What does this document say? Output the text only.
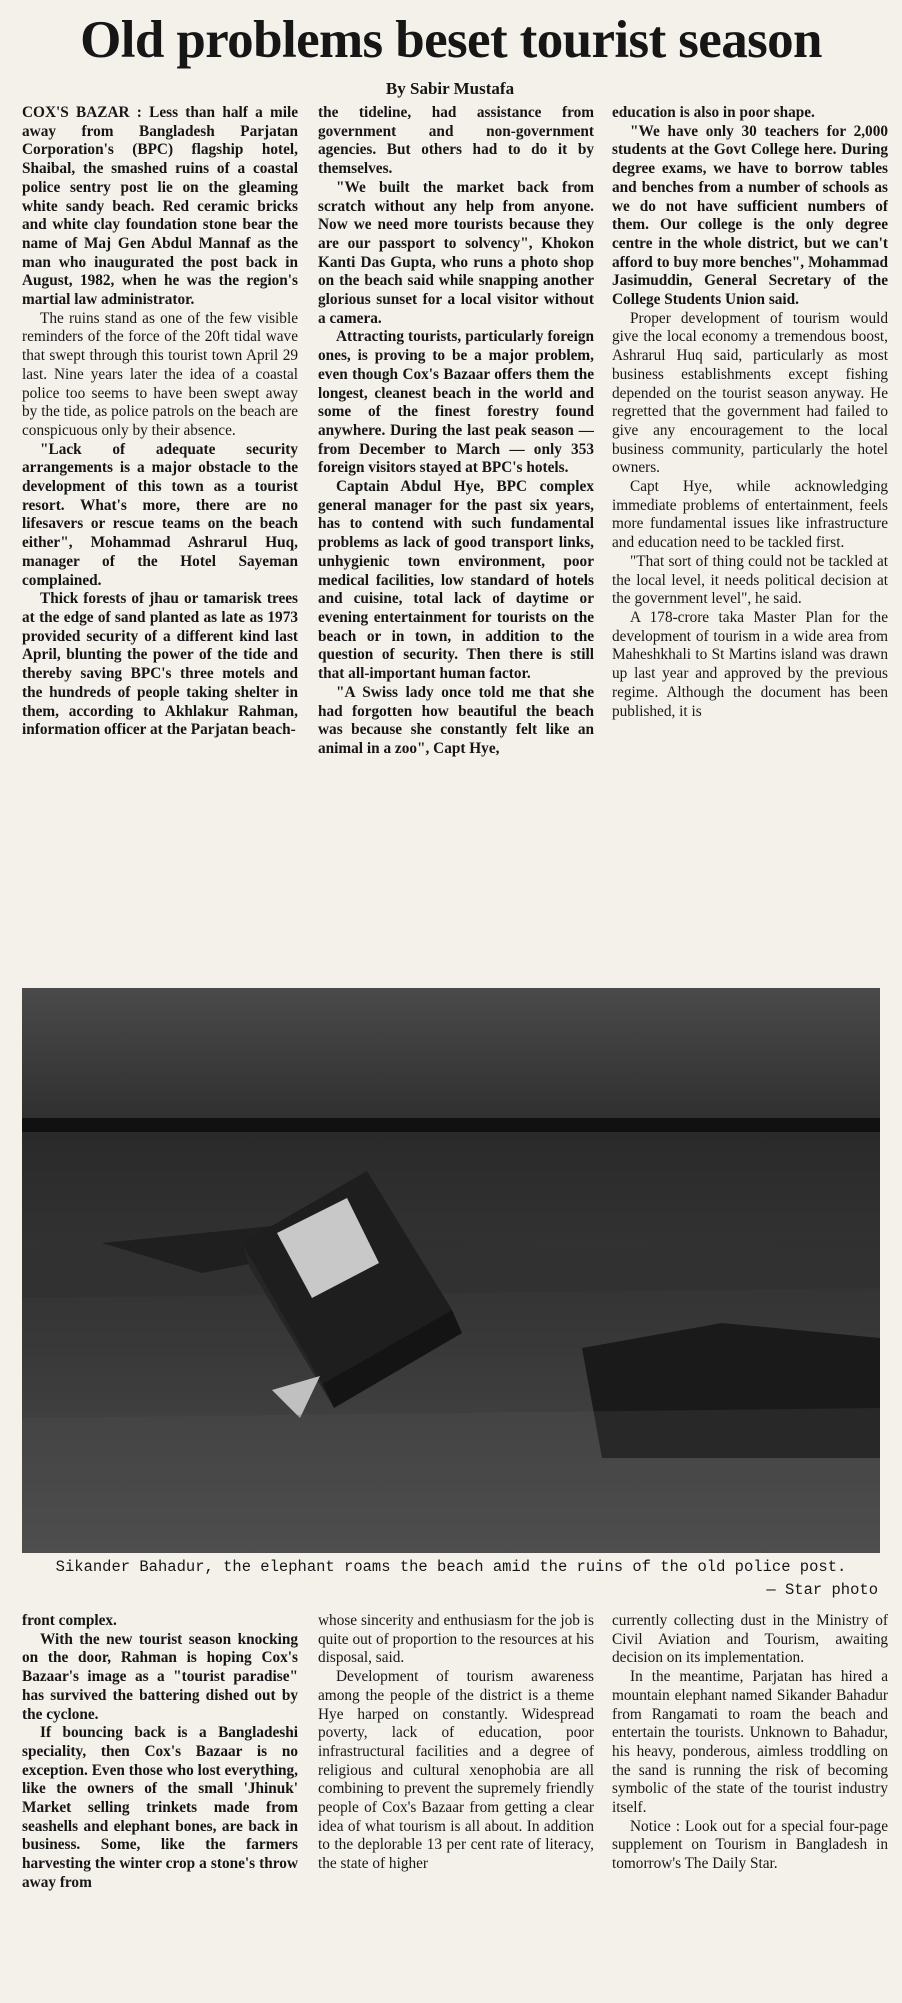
Old problems beset tourist season

By Sabir Mustafa

COX'S BAZAR : Less than half a mile away from Bangladesh Parjatan Corporation's (BPC) flagship hotel, Shaibal, the smashed ruins of a coastal police sentry post lie on the gleaming white sandy beach. Red ceramic bricks and white clay foundation stone bear the name of Maj Gen Abdul Mannaf as the man who inaugurated the post back in August, 1982, when he was the region's martial law administrator.

The ruins stand as one of the few visible reminders of the force of the 20ft tidal wave that swept through this tourist town April 29 last. Nine years later the idea of a coastal police too seems to have been swept away by the tide, as police patrols on the beach are conspicuous only by their absence.

"Lack of adequate security arrangements is a major obstacle to the development of this town as a tourist resort. What's more, there are no lifesavers or rescue teams on the beach either", Mohammad Ashrarul Huq, manager of the Hotel Sayeman complained.

Thick forests of jhau or tamarisk trees at the edge of sand planted as late as 1973 provided security of a different kind last April, blunting the power of the tide and thereby saving BPC's three motels and the hundreds of people taking shelter in them, according to Akhlakur Rahman, information officer at the Parjatan beach-

the tideline, had assistance from government and non-government agencies. But others had to do it by themselves.

"We built the market back from scratch without any help from anyone. Now we need more tourists because they are our passport to solvency", Khokon Kanti Das Gupta, who runs a photo shop on the beach said while snapping another glorious sunset for a local visitor without a camera.

Attracting tourists, particularly foreign ones, is proving to be a major problem, even though Cox's Bazaar offers them the longest, cleanest beach in the world and some of the finest forestry found anywhere. During the last peak season — from December to March — only 353 foreign visitors stayed at BPC's hotels.

Captain Abdul Hye, BPC complex general manager for the past six years, has to contend with such fundamental problems as lack of good transport links, unhygienic town environment, poor medical facilities, low standard of hotels and cuisine, total lack of daytime or evening entertainment for tourists on the beach or in town, in addition to the question of security. Then there is still that all-important human factor.

"A Swiss lady once told me that she had forgotten how beautiful the beach was because she constantly felt like an animal in a zoo", Capt Hye,

education is also in poor shape.

"We have only 30 teachers for 2,000 students at the Govt College here. During degree exams, we have to borrow tables and benches from a number of schools as we do not have sufficient numbers of them. Our college is the only degree centre in the whole district, but we can't afford to buy more benches", Mohammad Jasimuddin, General Secretary of the College Students Union said.

Proper development of tourism would give the local economy a tremendous boost, Ashrarul Huq said, particularly as most business establishments except fishing depended on the tourist season anyway. He regretted that the government had failed to give any encouragement to the local business community, particularly the hotel owners.

Capt Hye, while acknowledging immediate problems of entertainment, feels more fundamental issues like infrastructure and education need to be tackled first.

"That sort of thing could not be tackled at the local level, it needs political decision at the government level", he said.

A 178-crore taka Master Plan for the development of tourism in a wide area from Maheshkhali to St Martins island was drawn up last year and approved by the previous regime. Although the document has been published, it is

Sikander Bahadur, the elephant roams the beach amid the ruins of the old police post.

— Star photo

front complex.

With the new tourist season knocking on the door, Rahman is hoping Cox's Bazaar's image as a "tourist paradise" has survived the battering dished out by the cyclone.

If bouncing back is a Bangladeshi speciality, then Cox's Bazaar is no exception. Even those who lost everything, like the owners of the small 'Jhinuk' Market selling trinkets made from seashells and elephant bones, are back in business. Some, like the farmers harvesting the winter crop a stone's throw away from

whose sincerity and enthusiasm for the job is quite out of proportion to the resources at his disposal, said.

Development of tourism awareness among the people of the district is a theme Hye harped on constantly. Widespread poverty, lack of education, poor infrastructural facilities and a degree of religious and cultural xenophobia are all combining to prevent the supremely friendly people of Cox's Bazaar from getting a clear idea of what tourism is all about. In addition to the deplorable 13 per cent rate of literacy, the state of higher

currently collecting dust in the Ministry of Civil Aviation and Tourism, awaiting decision on its implementation.

In the meantime, Parjatan has hired a mountain elephant named Sikander Bahadur from Rangamati to roam the beach and entertain the tourists. Unknown to Bahadur, his heavy, ponderous, aimless troddling on the sand is running the risk of becoming symbolic of the state of the tourist industry itself.

Notice : Look out for a special four-page supplement on Tourism in Bangladesh in tomorrow's The Daily Star.
